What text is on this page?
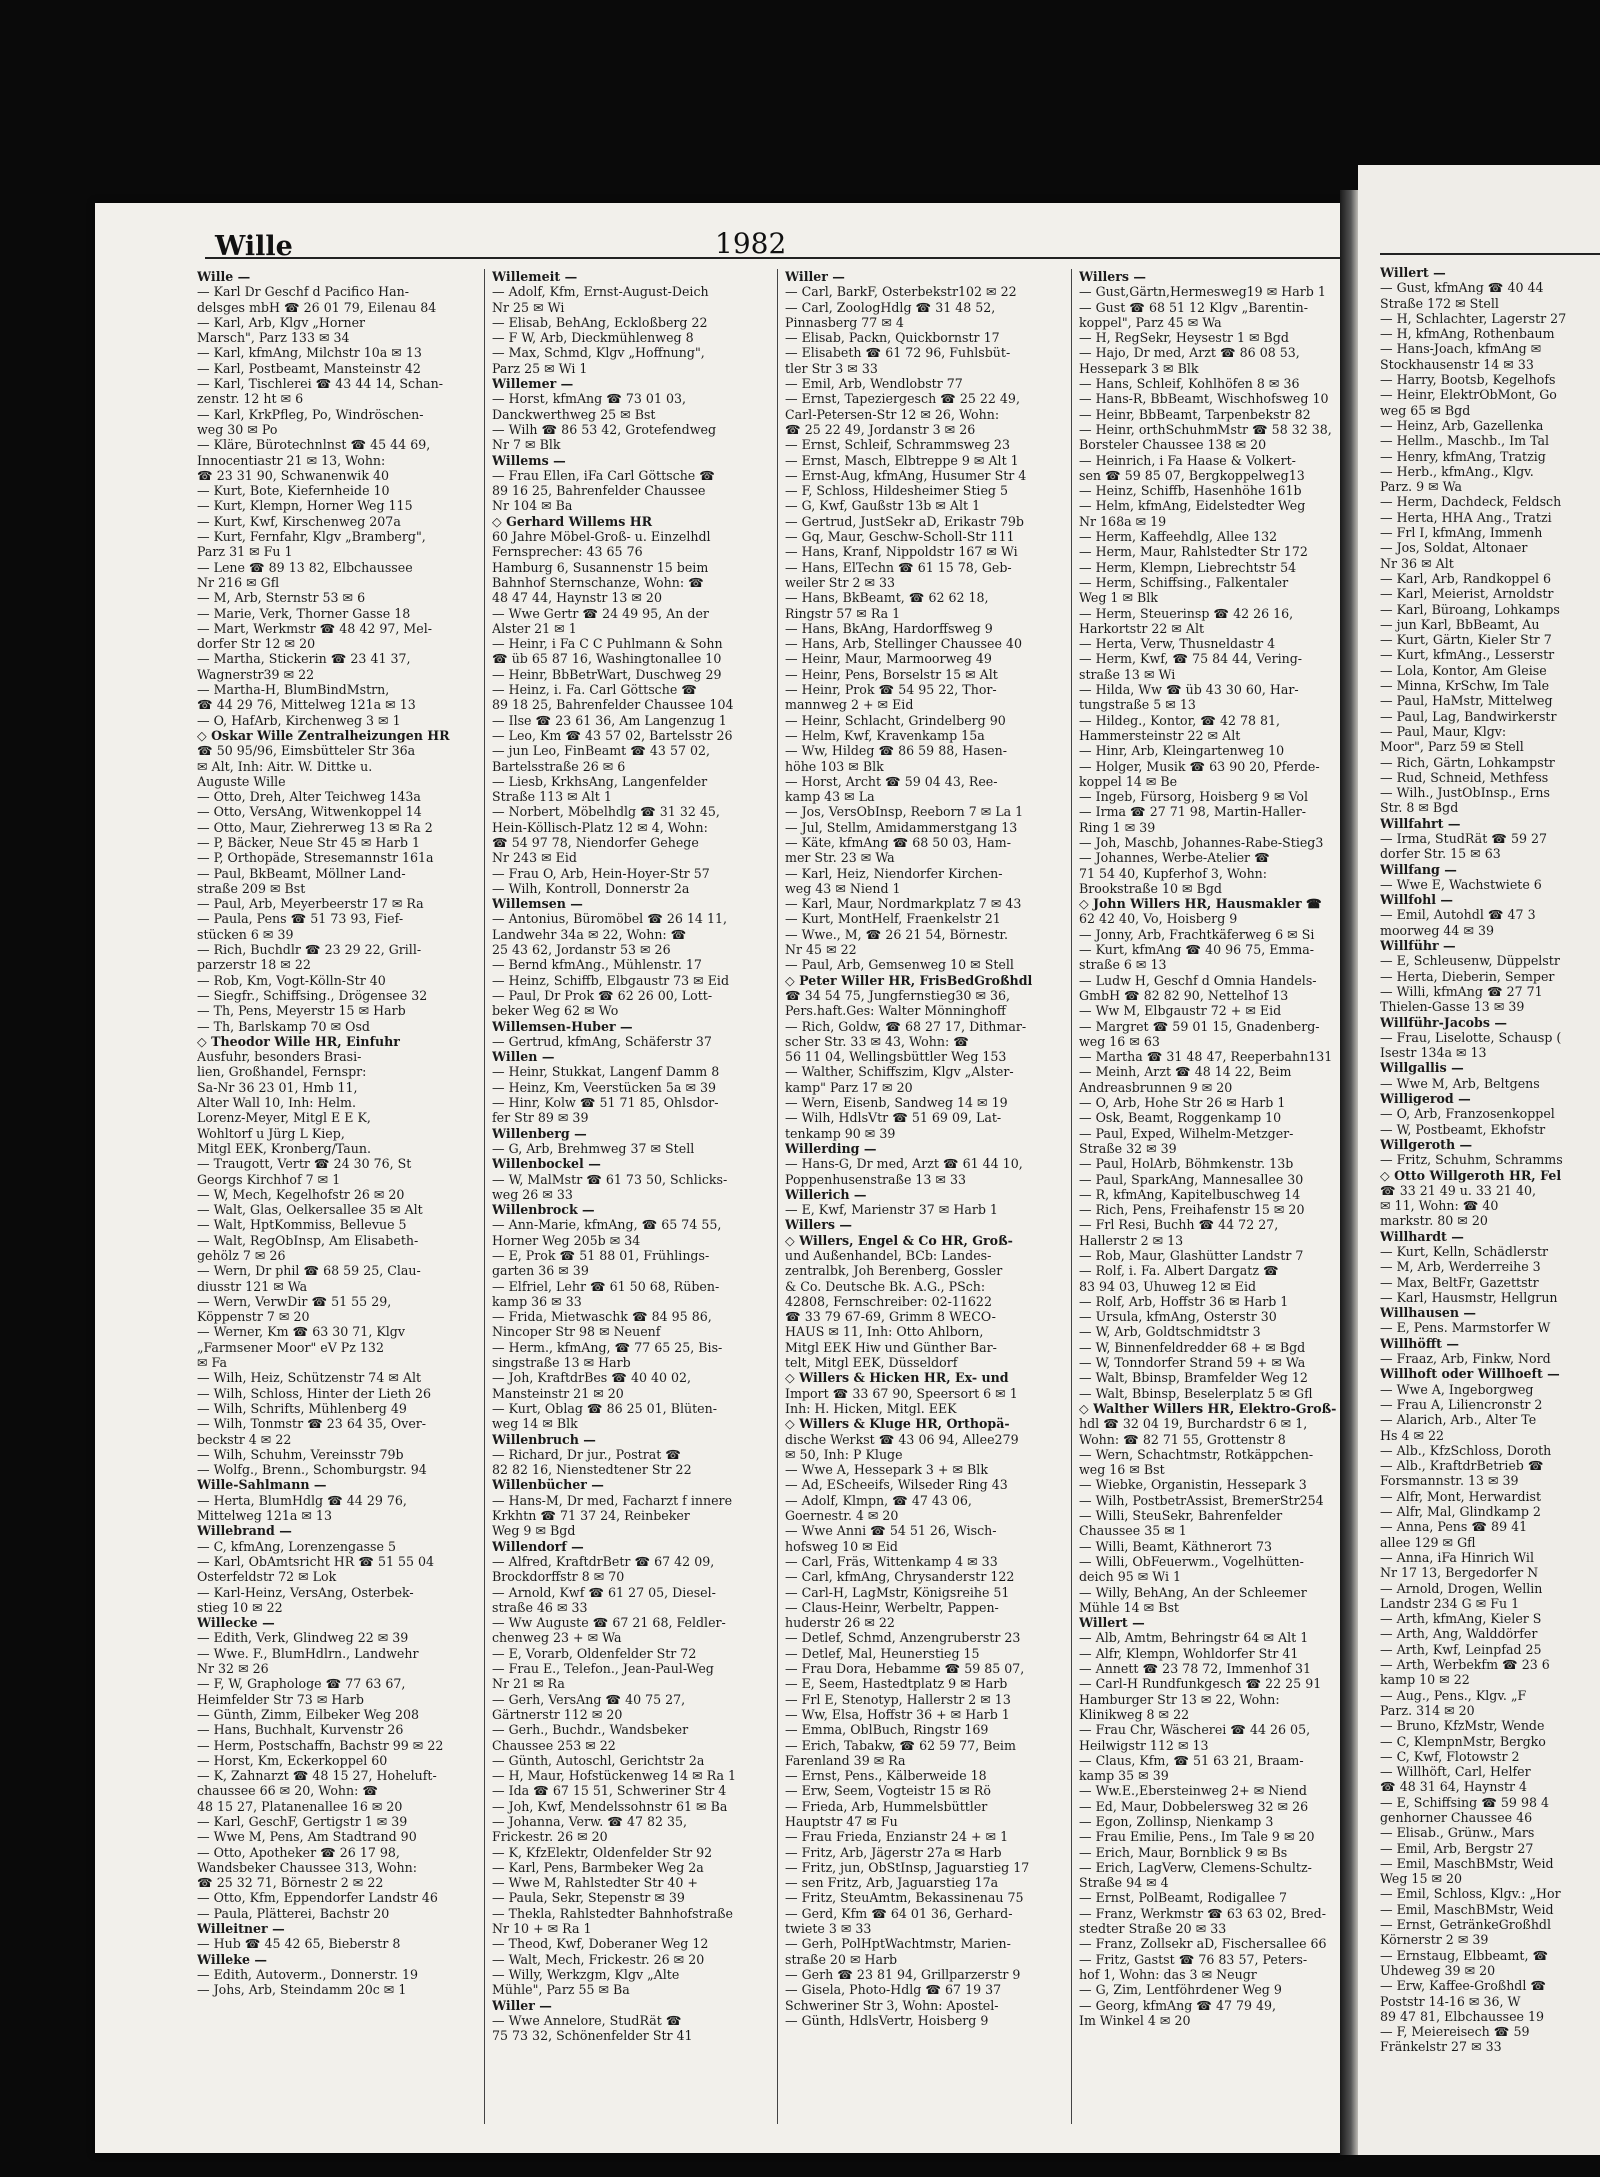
Wille	1982
Wille —
— Karl Dr Geschf d Pacifico Han-
delsges mbH ☎ 26 01 79, Eilenau 84
— Karl, Arb, Klgv „Horner
Marsch", Parz 133 ✉ 34
— Karl, kfmAng, Milchstr 10a ✉ 13
— Karl, Postbeamt, Mansteinstr 42
— Karl, Tischlerei ☎ 43 44 14, Schan-
zenstr. 12 ht ✉ 6
— Karl, KrkPfleg, Po, Windröschen-
weg 30 ✉ Po
— Kläre, Bürotechnlnst ☎ 45 44 69,
Innocentiastr 21 ✉ 13, Wohn:
☎ 23 31 90, Schwanenwik 40
— Kurt, Bote, Kiefernheide 10
— Kurt, Klempn, Horner Weg 115
— Kurt, Kwf, Kirschenweg 207a
— Kurt, Fernfahr, Klgv „Bramberg",
Parz 31 ✉ Fu 1
— Lene ☎ 89 13 82, Elbchaussee
Nr 216 ✉ Gfl
— M, Arb, Sternstr 53 ✉ 6
— Marie, Verk, Thorner Gasse 18
— Mart, Werkmstr ☎ 48 42 97, Mel-
dorfer Str 12 ✉ 20
— Martha, Stickerin ☎ 23 41 37,
Wagnerstr39 ✉ 22
— Martha-H, BlumBindMstrn,
☎ 44 29 76, Mittelweg 121a ✉ 13
— O, HafArb, Kirchenweg 3 ✉ 1
◇ Oskar Wille Zentralheizungen HR
☎ 50 95/96, Eimsbütteler Str 36a
✉ Alt, Inh: Aitr. W. Dittke u.
Auguste Wille
— Otto, Dreh, Alter Teichweg 143a
— Otto, VersAng, Witwenkoppel 14
— Otto, Maur, Ziehrerweg 13 ✉ Ra 2
— P, Bäcker, Neue Str 45 ✉ Harb 1
— P, Orthopäde, Stresemannstr 161a
— Paul, BkBeamt, Möllner Land-
straße 209 ✉ Bst
— Paul, Arb, Meyerbeerstr 17 ✉ Ra
— Paula, Pens ☎ 51 73 93, Fief-
stücken 6 ✉ 39
— Rich, Buchdlr ☎ 23 29 22, Grill-
parzerstr 18 ✉ 22
— Rob, Km, Vogt-Kölln-Str 40
— Siegfr., Schiffsing., Drögensee 32
— Th, Pens, Meyerstr 15 ✉ Harb
— Th, Barlskamp 70 ✉ Osd
◇ Theodor Wille HR, Einfuhr
Ausfuhr, besonders Brasi-
lien, Großhandel, Fernspr:
Sa-Nr 36 23 01, Hmb 11,
Alter Wall 10, Inh: Helm.
Lorenz-Meyer, Mitgl E E K,
Wohltorf u Jürg L Kiep,
Mitgl EEK, Kronberg/Taun.
— Traugott, Vertr ☎ 24 30 76, St
Georgs Kirchhof 7 ✉ 1
— W, Mech, Kegelhofstr 26 ✉ 20
— Walt, Glas, Oelkersallee 35 ✉ Alt
— Walt, HptKommiss, Bellevue 5
— Walt, RegObInsp, Am Elisabeth-
gehölz 7 ✉ 26
— Wern, Dr phil ☎ 68 59 25, Clau-
diusstr 121 ✉ Wa
— Wern, VerwDir ☎ 51 55 29,
Köppenstr 7 ✉ 20
— Werner, Km ☎ 63 30 71, Klgv
„Farmsener Moor" eV Pz 132
✉ Fa
— Wilh, Heiz, Schützenstr 74 ✉ Alt
— Wilh, Schloss, Hinter der Lieth 26
— Wilh, Schrifts, Mühlenberg 49
— Wilh, Tonmstr ☎ 23 64 35, Over-
beckstr 4 ✉ 22
— Wilh, Schuhm, Vereinsstr 79b
— Wolfg., Brenn., Schomburgstr. 94
Wille-Sahlmann —
— Herta, BlumHdlg ☎ 44 29 76,
Mittelweg 121a ✉ 13
Willebrand —
— C, kfmAng, Lorenzengasse 5
— Karl, ObAmtsricht HR ☎ 51 55 04
Osterfeldstr 72 ✉ Lok
— Karl-Heinz, VersAng, Osterbek-
stieg 10 ✉ 22
Willecke —
— Edith, Verk, Glindweg 22 ✉ 39
— Wwe. F., BlumHdlrn., Landwehr
Nr 32 ✉ 26
— F, W, Graphologe ☎ 77 63 67,
Heimfelder Str 73 ✉ Harb
— Günth, Zimm, Eilbeker Weg 208
— Hans, Buchhalt, Kurvenstr 26
— Herm, Postschaffn, Bachstr 99 ✉ 22
— Horst, Km, Eckerkoppel 60
— K, Zahnarzt ☎ 48 15 27, Hoheluft-
chaussee 66 ✉ 20, Wohn: ☎
48 15 27, Platanenallee 16 ✉ 20
— Karl, GeschF, Gertigstr 1 ✉ 39
— Wwe M, Pens, Am Stadtrand 90
— Otto, Apotheker ☎ 26 17 98,
Wandsbeker Chaussee 313, Wohn:
☎ 25 32 71, Börnestr 2 ✉ 22
— Otto, Kfm, Eppendorfer Landstr 46
— Paula, Plätterei, Bachstr 20
Willeitner —
— Hub ☎ 45 42 65, Bieberstr 8
Willeke —
— Edith, Autoverm., Donnerstr. 19
— Johs, Arb, Steindamm 20c ✉ 1
Willemeit —
— Adolf, Kfm, Ernst-August-Deich
Nr 25 ✉ Wi
— Elisab, BehAng, Eckloßberg 22
— F W, Arb, Dieckmühlenweg 8
— Max, Schmd, Klgv „Hoffnung",
Parz 25 ✉ Wi 1
Willemer —
— Horst, kfmAng ☎ 73 01 03,
Danckwerthweg 25 ✉ Bst
— Wilh ☎ 86 53 42, Grotefendweg
Nr 7 ✉ Blk
Willems —
— Frau Ellen, iFa Carl Göttsche ☎
89 16 25, Bahrenfelder Chaussee
Nr 104 ✉ Ba
◇ Gerhard Willems HR
60 Jahre Möbel-Groß- u. Einzelhdl
Fernsprecher: 43 65 76
Hamburg 6, Susannenstr 15 beim
Bahnhof Sternschanze, Wohn: ☎
48 47 44, Haynstr 13 ✉ 20
— Wwe Gertr ☎ 24 49 95, An der
Alster 21 ✉ 1
— Heinr, i Fa C C Puhlmann & Sohn
☎ üb 65 87 16, Washingtonallee 10
— Heinr, BbBetrWart, Duschweg 29
— Heinz, i. Fa. Carl Göttsche ☎
89 18 25, Bahrenfelder Chaussee 104
— Ilse ☎ 23 61 36, Am Langenzug 1
— Leo, Km ☎ 43 57 02, Bartelsstr 26
— jun Leo, FinBeamt ☎ 43 57 02,
Bartelsstraße 26 ✉ 6
— Liesb, KrkhsAng, Langenfelder
Straße 113 ✉ Alt 1
— Norbert, Möbelhdlg ☎ 31 32 45,
Hein-Köllisch-Platz 12 ✉ 4, Wohn:
☎ 54 97 78, Niendorfer Gehege
Nr 243 ✉ Eid
— Frau O, Arb, Hein-Hoyer-Str 57
— Wilh, Kontroll, Donnerstr 2a
Willemsen —
— Antonius, Büromöbel ☎ 26 14 11,
Landwehr 34a ✉ 22, Wohn: ☎
25 43 62, Jordanstr 53 ✉ 26
— Bernd kfmAng., Mühlenstr. 17
— Heinz, Schiffb, Elbgaustr 73 ✉ Eid
— Paul, Dr Prok ☎ 62 26 00, Lott-
beker Weg 62 ✉ Wo
Willemsen-Huber —
— Gertrud, kfmAng, Schäferstr 37
Willen —
— Heinr, Stukkat, Langenf Damm 8
— Heinz, Km, Veerstücken 5a ✉ 39
— Hinr, Kolw ☎ 51 71 85, Ohlsdor-
fer Str 89 ✉ 39
Willenberg —
— G, Arb, Brehmweg 37 ✉ Stell
Willenbockel —
— W, MalMstr ☎ 61 73 50, Schlicks-
weg 26 ✉ 33
Willenbrock —
— Ann-Marie, kfmAng, ☎ 65 74 55,
Horner Weg 205b ✉ 34
— E, Prok ☎ 51 88 01, Frühlings-
garten 36 ✉ 39
— Elfriel, Lehr ☎ 61 50 68, Rüben-
kamp 36 ✉ 33
— Frida, Mietwaschk ☎ 84 95 86,
Nincoper Str 98 ✉ Neuenf
— Herm., kfmAng, ☎ 77 65 25, Bis-
singstraße 13 ✉ Harb
— Joh, KraftdrBes ☎ 40 40 02,
Mansteinstr 21 ✉ 20
— Kurt, Oblag ☎ 86 25 01, Blüten-
weg 14 ✉ Blk
Willenbruch —
— Richard, Dr jur., Postrat ☎
82 82 16, Nienstedtener Str 22
Willenbücher —
— Hans-M, Dr med, Facharzt f innere
Krkhtn ☎ 71 37 24, Reinbeker
Weg 9 ✉ Bgd
Willendorf —
— Alfred, KraftdrBetr ☎ 67 42 09,
Brockdorffstr 8 ✉ 70
— Arnold, Kwf ☎ 61 27 05, Diesel-
straße 46 ✉ 33
— Ww Auguste ☎ 67 21 68, Feldler-
chenweg 23 + ✉ Wa
— E, Vorarb, Oldenfelder Str 72
— Frau E., Telefon., Jean-Paul-Weg
Nr 21 ✉ Ra
— Gerh, VersAng ☎ 40 75 27,
Gärtnerstr 112 ✉ 20
— Gerh., Buchdr., Wandsbeker
Chaussee 253 ✉ 22
— Günth, Autoschl, Gerichtstr 2a
— H, Maur, Hofstückenweg 14 ✉ Ra 1
— Ida ☎ 67 15 51, Schweriner Str 4
— Joh, Kwf, Mendelssohnstr 61 ✉ Ba
— Johanna, Verw. ☎ 47 82 35,
Frickestr. 26 ✉ 20
— K, KfzElektr, Oldenfelder Str 92
— Karl, Pens, Barmbeker Weg 2a
— Wwe M, Rahlstedter Str 40 +
— Paula, Sekr, Stepenstr ✉ 39
— Thekla, Rahlstedter Bahnhofstraße
Nr 10 + ✉ Ra 1
— Theod, Kwf, Doberaner Weg 12
— Walt, Mech, Frickestr. 26 ✉ 20
— Willy, Werkzgm, Klgv „Alte
Mühle", Parz 55 ✉ Ba
Willer —
— Wwe Annelore, StudRät ☎
75 73 32, Schönenfelder Str 41
Willer —
— Carl, BarkF, Osterbekstr102 ✉ 22
— Carl, ZoologHdlg ☎ 31 48 52,
Pinnasberg 77 ✉ 4
— Elisab, Packn, Quickbornstr 17
— Elisabeth ☎ 61 72 96, Fuhlsbüt-
tler Str 3 ✉ 33
— Emil, Arb, Wendlobstr 77
— Ernst, Tapeziergesch ☎ 25 22 49,
Carl-Petersen-Str 12 ✉ 26, Wohn:
☎ 25 22 49, Jordanstr 3 ✉ 26
— Ernst, Schleif, Schrammsweg 23
— Ernst, Masch, Elbtreppe 9 ✉ Alt 1
— Ernst-Aug, kfmAng, Husumer Str 4
— F, Schloss, Hildesheimer Stieg 5
— G, Kwf, Gaußstr 13b ✉ Alt 1
— Gertrud, JustSekr aD, Erikastr 79b
— Gq, Maur, Geschw-Scholl-Str 111
— Hans, Kranf, Nippoldstr 167 ✉ Wi
— Hans, ElTechn ☎ 61 15 78, Geb-
weiler Str 2 ✉ 33
— Hans, BkBeamt, ☎ 62 62 18,
Ringstr 57 ✉ Ra 1
— Hans, BkAng, Hardorffsweg 9
— Hans, Arb, Stellinger Chaussee 40
— Heinr, Maur, Marmoorweg 49
— Heinr, Pens, Borselstr 15 ✉ Alt
— Heinr, Prok ☎ 54 95 22, Thor-
mannweg 2 + ✉ Eid
— Heinr, Schlacht, Grindelberg 90
— Helm, Kwf, Kravenkamp 15a
— Ww, Hildeg ☎ 86 59 88, Hasen-
höhe 103 ✉ Blk
— Horst, Archt ☎ 59 04 43, Ree-
kamp 43 ✉ La
— Jos, VersObInsp, Reeborn 7 ✉ La 1
— Jul, Stellm, Amidammerstgang 13
— Käte, kfmAng ☎ 68 50 03, Ham-
mer Str. 23 ✉ Wa
— Karl, Heiz, Niendorfer Kirchen-
weg 43 ✉ Niend 1
— Karl, Maur, Nordmarkplatz 7 ✉ 43
— Kurt, MontHelf, Fraenkelstr 21
— Wwe., M, ☎ 26 21 54, Börnestr.
Nr 45 ✉ 22
— Paul, Arb, Gemsenweg 10 ✉ Stell
◇ Peter Willer HR, FrisBedGroßhdl
☎ 34 54 75, Jungfernstieg30 ✉ 36,
Pers.haft.Ges: Walter Mönninghoff
— Rich, Goldw, ☎ 68 27 17, Dithmar-
scher Str. 33 ✉ 43, Wohn: ☎
56 11 04, Wellingsbüttler Weg 153
— Walther, Schiffszim, Klgv „Alster-
kamp" Parz 17 ✉ 20
— Wern, Eisenb, Sandweg 14 ✉ 19
— Wilh, HdlsVtr ☎ 51 69 09, Lat-
tenkamp 90 ✉ 39
Willerding —
— Hans-G, Dr med, Arzt ☎ 61 44 10,
Poppenhusenstraße 13 ✉ 33
Willerich —
— E, Kwf, Marienstr 37 ✉ Harb 1
Willers —
◇ Willers, Engel & Co HR, Groß-
und Außenhandel, BCb: Landes-
zentralbk, Joh Berenberg, Gossler
& Co. Deutsche Bk. A.G., PSch:
42808, Fernschreiber: 02-11622
☎ 33 79 67-69, Grimm 8 WECO-
HAUS ✉ 11, Inh: Otto Ahlborn,
Mitgl EEK Hiw und Günther Bar-
telt, Mitgl EEK, Düsseldorf
◇ Willers & Hicken HR, Ex- und
Import ☎ 33 67 90, Speersort 6 ✉ 1
Inh: H. Hicken, Mitgl. EEK
◇ Willers & Kluge HR, Orthopä-
dische Werkst ☎ 43 06 94, Allee279
✉ 50, Inh: P Kluge
— Wwe A, Hessepark 3 + ✉ Blk
— Ad, EScheeifs, Wilseder Ring 43
— Adolf, Klmpn, ☎ 47 43 06,
Goernestr. 4 ✉ 20
— Wwe Anni ☎ 54 51 26, Wisch-
hofsweg 10 ✉ Eid
— Carl, Fräs, Wittenkamp 4 ✉ 33
— Carl, kfmAng, Chrysanderstr 122
— Carl-H, LagMstr, Königsreihe 51
— Claus-Heinr, Werbeltr, Pappen-
huderstr 26 ✉ 22
— Detlef, Schmd, Anzengruberstr 23
— Detlef, Mal, Heunerstieg 15
— Frau Dora, Hebamme ☎ 59 85 07,
— E, Seem, Hastedtplatz 9 ✉ Harb
— Frl E, Stenotyp, Hallerstr 2 ✉ 13
— Ww, Elsa, Hoffstr 36 + ✉ Harb 1
— Emma, OblBuch, Ringstr 169
— Erich, Tabakw, ☎ 62 59 77, Beim
Farenland 39 ✉ Ra
— Ernst, Pens., Kälberweide 18
— Erw, Seem, Vogteistr 15 ✉ Rö
— Frieda, Arb, Hummelsbüttler
Hauptstr 47 ✉ Fu
— Frau Frieda, Enzianstr 24 + ✉ 1
— Fritz, Arb, Jägerstr 27a ✉ Harb
— Fritz, jun, ObStInsp, Jaguarstieg 17
— sen Fritz, Arb, Jaguarstieg 17a
— Fritz, SteuAmtm, Bekassinenau 75
— Gerd, Kfm ☎ 64 01 36, Gerhard-
twiete 3 ✉ 33
— Gerh, PolHptWachtmstr, Marien-
straße 20 ✉ Harb
— Gerh ☎ 23 81 94, Grillparzerstr 9
— Gisela, Photo-Hdlg ☎ 67 19 37
Schweriner Str 3, Wohn: Apostel-
— Günth, HdlsVertr, Hoisberg 9
Willers —
— Gust,Gärtn,Hermesweg19 ✉ Harb 1
— Gust ☎ 68 51 12 Klgv „Barentin-
koppel", Parz 45 ✉ Wa
— H, RegSekr, Heysestr 1 ✉ Bgd
— Hajo, Dr med, Arzt ☎ 86 08 53,
Hessepark 3 ✉ Blk
— Hans, Schleif, Kohlhöfen 8 ✉ 36
— Hans-R, BbBeamt, Wischhofsweg 10
— Heinr, BbBeamt, Tarpenbekstr 82
— Heinr, orthSchuhmMstr ☎ 58 32 38,
Borsteler Chaussee 138 ✉ 20
— Heinrich, i Fa Haase & Volkert-
sen ☎ 59 85 07, Bergkoppelweg13
— Heinz, Schiffb, Hasenhöhe 161b
— Helm, kfmAng, Eidelstedter Weg
Nr 168a ✉ 19
— Herm, Kaffeehdlg, Allee 132
— Herm, Maur, Rahlstedter Str 172
— Herm, Klempn, Liebrechtstr 54
— Herm, Schiffsing., Falkentaler
Weg 1 ✉ Blk
— Herm, Steuerinsp ☎ 42 26 16,
Harkortstr 22 ✉ Alt
— Herta, Verw, Thusneldastr 4
— Herm, Kwf, ☎ 75 84 44, Vering-
straße 13 ✉ Wi
— Hilda, Ww ☎ üb 43 30 60, Har-
tungstraße 5 ✉ 13
— Hildeg., Kontor, ☎ 42 78 81,
Hammersteinstr 22 ✉ Alt
— Hinr, Arb, Kleingartenweg 10
— Holger, Musik ☎ 63 90 20, Pferde-
koppel 14 ✉ Be
— Ingeb, Fürsorg, Hoisberg 9 ✉ Vol
— Irma ☎ 27 71 98, Martin-Haller-
Ring 1 ✉ 39
— Joh, Maschb, Johannes-Rabe-Stieg3
— Johannes, Werbe-Atelier ☎
71 54 40, Kupferhof 3, Wohn:
Brookstraße 10 ✉ Bgd
◇ John Willers HR, Hausmakler ☎
62 42 40, Vo, Hoisberg 9
— Jonny, Arb, Frachtkäferweg 6 ✉ Si
— Kurt, kfmAng ☎ 40 96 75, Emma-
straße 6 ✉ 13
— Ludw H, Geschf d Omnia Handels-
GmbH ☎ 82 82 90, Nettelhof 13
— Ww M, Elbgaustr 72 + ✉ Eid
— Margret ☎ 59 01 15, Gnadenberg-
weg 16 ✉ 63
— Martha ☎ 31 48 47, Reeperbahn131
— Meinh, Arzt ☎ 48 14 22, Beim
Andreasbrunnen 9 ✉ 20
— O, Arb, Hohe Str 26 ✉ Harb 1
— Osk, Beamt, Roggenkamp 10
— Paul, Exped, Wilhelm-Metzger-
Straße 32 ✉ 39
— Paul, HolArb, Böhmkenstr. 13b
— Paul, SparkAng, Mannesallee 30
— R, kfmAng, Kapitelbuschweg 14
— Rich, Pens, Freihafenstr 15 ✉ 20
— Frl Resi, Buchh ☎ 44 72 27,
Hallerstr 2 ✉ 13
— Rob, Maur, Glashütter Landstr 7
— Rolf, i. Fa. Albert Dargatz ☎
83 94 03, Uhuweg 12 ✉ Eid
— Rolf, Arb, Hoffstr 36 ✉ Harb 1
— Ursula, kfmAng, Osterstr 30
— W, Arb, Goldtschmidtstr 3
— W, Binnenfeldredder 68 + ✉ Bgd
— W, Tonndorfer Strand 59 + ✉ Wa
— Walt, Bbinsp, Bramfelder Weg 12
— Walt, Bbinsp, Beselerplatz 5 ✉ Gfl
◇ Walther Willers HR, Elektro-Groß-
hdl ☎ 32 04 19, Burchardstr 6 ✉ 1,
Wohn: ☎ 82 71 55, Grottenstr 8
— Wern, Schachtmstr, Rotkäppchen-
weg 16 ✉ Bst
— Wiebke, Organistin, Hessepark 3
— Wilh, PostbetrAssist, BremerStr254
— Willi, SteuSekr, Bahrenfelder
Chaussee 35 ✉ 1
— Willi, Beamt, Käthnerort 73
— Willi, ObFeuerwm., Vogelhütten-
deich 95 ✉ Wi 1
— Willy, BehAng, An der Schleemer
Mühle 14 ✉ Bst
Willert —
— Alb, Amtm, Behringstr 64 ✉ Alt 1
— Alfr, Klempn, Wohldorfer Str 41
— Annett ☎ 23 78 72, Immenhof 31
— Carl-H Rundfunkgesch ☎ 22 25 91
Hamburger Str 13 ✉ 22, Wohn:
Klinikweg 8 ✉ 22
— Frau Chr, Wäscherei ☎ 44 26 05,
Heilwigstr 112 ✉ 13
— Claus, Kfm, ☎ 51 63 21, Braam-
kamp 35 ✉ 39
— Ww.E.,Ebersteinweg 2+ ✉ Niend
— Ed, Maur, Dobbelersweg 32 ✉ 26
— Egon, Zollinsp, Nienkamp 3
— Frau Emilie, Pens., Im Tale 9 ✉ 20
— Erich, Maur, Bornblick 9 ✉ Bs
— Erich, LagVerw, Clemens-Schultz-
Straße 94 ✉ 4
— Ernst, PolBeamt, Rodigallee 7
— Franz, Werkmstr ☎ 63 63 02, Bred-
stedter Straße 20 ✉ 33
— Franz, Zollsekr aD, Fischersallee 66
— Fritz, Gastst ☎ 76 83 57, Peters-
hof 1, Wohn: das 3 ✉ Neugr
— G, Zim, Lentföhrdener Weg 9
— Georg, kfmAng ☎ 47 79 49,
Im Winkel 4 ✉ 20
Willert —
— Gust, kfmAng ☎ 40 44
Straße 172 ✉ Stell
— H, Schlachter, Lagerstr 27
— H, kfmAng, Rothenbaum
— Hans-Joach, kfmAng ✉
Stockhausenstr 14 ✉ 33
— Harry, Bootsb, Kegelhofs
— Heinr, ElektrObMont, Go
weg 65 ✉ Bgd
— Heinz, Arb, Gazellenka
— Hellm., Maschb., Im Tal
— Henry, kfmAng, Tratzig
— Herb., kfmAng., Klgv.
Parz. 9 ✉ Wa
— Herm, Dachdeck, Feldsch
— Herta, HHA Ang., Tratzi
— Frl I, kfmAng, Immenh
— Jos, Soldat, Altonaer
Nr 36 ✉ Alt
— Karl, Arb, Randkoppel 6
— Karl, Meierist, Arnoldstr
— Karl, Büroang, Lohkamps
— jun Karl, BbBeamt, Au
— Kurt, Gärtn, Kieler Str 7
— Kurt, kfmAng., Lesserstr
— Lola, Kontor, Am Gleise
— Minna, KrSchw, Im Tale
— Paul, HaMstr, Mittelweg
— Paul, Lag, Bandwirkerstr
— Paul, Maur, Klgv:
Moor", Parz 59 ✉ Stell
— Rich, Gärtn, Lohkampstr
— Rud, Schneid, Methfess
— Wilh., JustObInsp., Erns
Str. 8 ✉ Bgd
Willfahrt —
— Irma, StudRät ☎ 59 27
dorfer Str. 15 ✉ 63
Willfang —
— Wwe E, Wachstwiete 6
Willfohl —
— Emil, Autohdl ☎ 47 3
moorweg 44 ✉ 39
Willführ —
— E, Schleusenw, Düppelstr
— Herta, Dieberin, Semper
— Willi, kfmAng ☎ 27 71
Thielen-Gasse 13 ✉ 39
Willführ-Jacobs —
— Frau, Liselotte, Schausp (
Isestr 134a ✉ 13
Willgallis —
— Wwe M, Arb, Beltgens
Willigerod —
— O, Arb, Franzosenkoppel
— W, Postbeamt, Ekhofstr
Willgeroth —
— Fritz, Schuhm, Schramms
◇ Otto Willgeroth HR, Fel
☎ 33 21 49 u. 33 21 40,
✉ 11, Wohn: ☎ 40
markstr. 80 ✉ 20
Willhardt —
— Kurt, Kelln, Schädlerstr
— M, Arb, Werderreihe 3
— Max, BeltFr, Gazettstr
— Karl, Hausmstr, Hellgrun
Willhausen —
— E, Pens. Marmstorfer W
Willhöfft —
— Fraaz, Arb, Finkw, Nord
Willhoft oder Willhoeft —
— Wwe A, Ingeborgweg
— Frau A, Liliencronstr 2
— Alarich, Arb., Alter Te
Hs 4 ✉ 22
— Alb., KfzSchloss, Doroth
— Alb., KraftdrBetrieb ☎
Forsmannstr. 13 ✉ 39
— Alfr, Mont, Herwardist
— Alfr, Mal, Glindkamp 2
— Anna, Pens ☎ 89 41
allee 129 ✉ Gfl
— Anna, iFa Hinrich Wil
Nr 17 13, Bergedorfer N
— Arnold, Drogen, Wellin
Landstr 234 G ✉ Fu 1
— Arth, kfmAng, Kieler S
— Arth, Ang, Walddörfer
— Arth, Kwf, Leinpfad 25
— Arth, Werbekfm ☎ 23 6
kamp 10 ✉ 22
— Aug., Pens., Klgv. „F
Parz. 314 ✉ 20
— Bruno, KfzMstr, Wende
— C, KlempnMstr, Bergko
— C, Kwf, Flotowstr 2
— Willhöft, Carl, Helfer
☎ 48 31 64, Haynstr 4
— E, Schiffsing ☎ 59 98 4
genhorner Chaussee 46
— Elisab., Grünw., Mars
— Emil, Arb, Bergstr 27
— Emil, MaschBMstr, Weid
Weg 15 ✉ 20
— Emil, Schloss, Klgv.: „Hor
— Emil, MaschBMstr, Weid
— Ernst, GetränkeGroßhdl
Körnerstr 2 ✉ 39
— Ernstaug, Elbbeamt, ☎
Uhdeweg 39 ✉ 20
— Erw, Kaffee-Großhdl ☎
Poststr 14-16 ✉ 36, W
89 47 81, Elbchaussee 19
— F, Meiereisech ☎ 59
Fränkelstr 27 ✉ 33
